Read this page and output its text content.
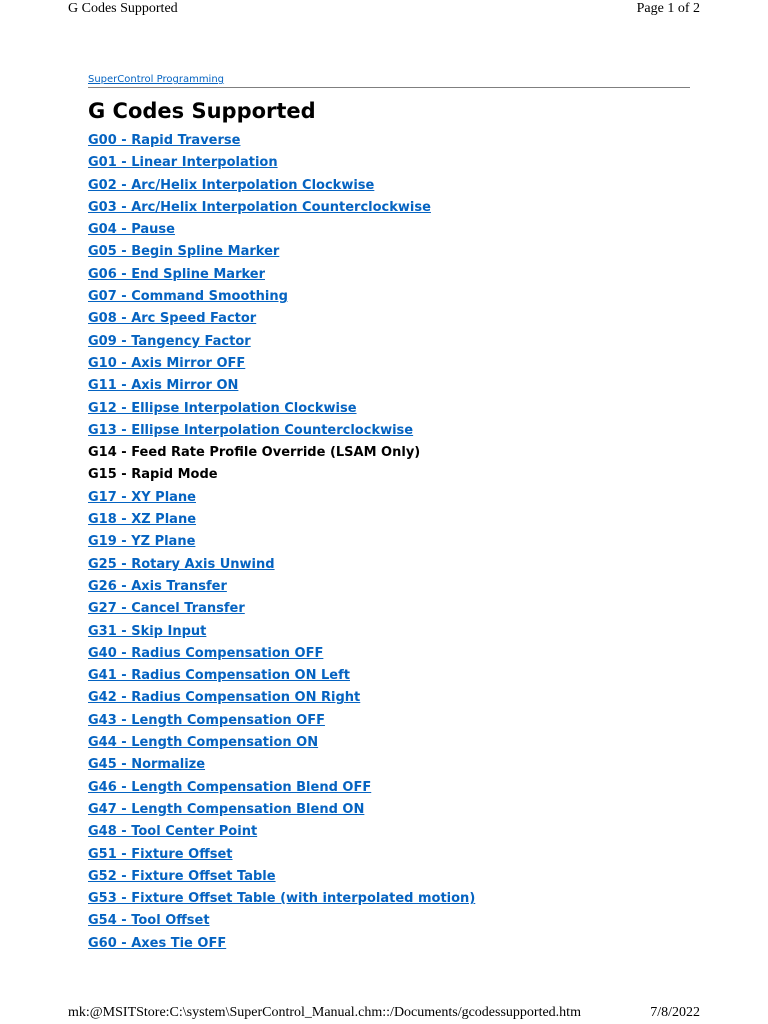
G Codes Supported	Page 1 of 2
SuperControl Programming
G Codes Supported
G00 - Rapid Traverse
G01 - Linear Interpolation
G02 - Arc/Helix Interpolation Clockwise
G03 - Arc/Helix Interpolation Counterclockwise
G04 - Pause
G05 - Begin Spline Marker
G06 - End Spline Marker
G07 - Command Smoothing
G08 - Arc Speed Factor
G09 - Tangency Factor
G10 - Axis Mirror OFF
G11 - Axis Mirror ON
G12 - Ellipse Interpolation Clockwise
G13 - Ellipse Interpolation Counterclockwise
G14 - Feed Rate Profile Override (LSAM Only)
G15 - Rapid Mode
G17 - XY Plane
G18 - XZ Plane
G19 - YZ Plane
G25 - Rotary Axis Unwind
G26 - Axis Transfer
G27 - Cancel Transfer
G31 - Skip Input
G40 - Radius Compensation OFF
G41 - Radius Compensation ON Left
G42 - Radius Compensation ON Right
G43 - Length Compensation OFF
G44 - Length Compensation ON
G45 - Normalize
G46 - Length Compensation Blend OFF
G47 - Length Compensation Blend ON
G48 - Tool Center Point
G51 - Fixture Offset
G52 - Fixture Offset Table
G53 - Fixture Offset Table (with interpolated motion)
G54 - Tool Offset
G60 - Axes Tie OFF
mk:@MSITStore:C:\system\SuperControl_Manual.chm::/Documents/gcodessupported.htm	7/8/2022
